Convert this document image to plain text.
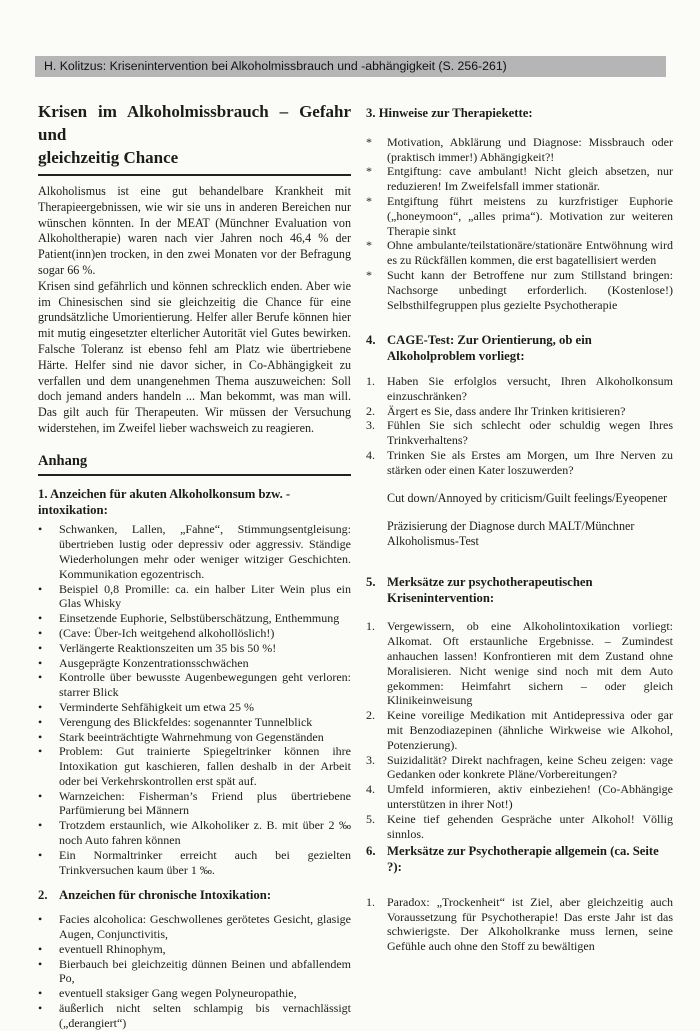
H. Kolitzus: Krisenintervention bei Alkoholmissbrauch und -abhängigkeit (S. 256-261)
Krisen im Alkoholmissbrauch – Gefahr und
gleichzeitig Chance

Alkoholismus ist eine gut behandelbare Krankheit mit Therapieergebnissen, wie wir sie uns in anderen Bereichen nur wünschen könnten. In der MEAT (Münchner Evaluation von Alkoholtherapie) waren nach vier Jahren noch 46,4 % der Patient(inn)en trocken, in den zwei Monaten vor der Befragung sogar 66 %.

Krisen sind gefährlich und können schrecklich enden. Aber wie im Chinesischen sind sie gleichzeitig die Chance für eine grundsätzliche Umorientierung. Helfer aller Berufe können hier mit mutig eingesetzter elterlicher Autorität viel Gutes bewirken. Falsche Toleranz ist ebenso fehl am Platz wie übertriebene Härte. Helfer sind nie davor sicher, in Co-Abhängigkeit zu verfallen und dem unangenehmen Thema auszuweichen: Soll doch jemand anders handeln ... Man bekommt, was man will. Das gilt auch für Therapeuten. Wir müssen der Versuchung widerstehen, im Zweifel lieber wachsweich zu reagieren.

Anhang
1. Anzeichen für akuten Alkoholkonsum bzw. -intoxikation:
•	Schwanken, Lallen, „Fahne“, Stimmungsentgleisung: übertrieben lustig oder depressiv oder aggressiv. Ständige Wiederholungen mehr oder weniger witziger Geschichten. Kommunikation egozentrisch.
•	Beispiel 0,8 Promille: ca. ein halber Liter Wein plus ein Glas Whisky
•	Einsetzende Euphorie, Selbstüberschätzung, Enthemmung
•	(Cave: Über-Ich weitgehend alkohollöslich!)
•	Verlängerte Reaktionszeiten um 35 bis 50 %!
•	Ausgeprägte Konzentrationsschwächen
•	Kontrolle über bewusste Augenbewegungen geht verloren: starrer Blick
•	Verminderte Sehfähigkeit um etwa 25 %
•	Verengung des Blickfeldes: sogenannter Tunnelblick
•	Stark beeinträchtigte Wahrnehmung von Gegenständen
•	Problem: Gut trainierte Spiegeltrinker können ihre Intoxikation gut kaschieren, fallen deshalb in der Arbeit oder bei Verkehrskontrollen erst spät auf.
•	Warnzeichen: Fisherman’s Friend plus übertriebene Parfümierung bei Männern
•	Trotzdem erstaunlich, wie Alkoholiker z. B. mit über 2 ‰ noch Auto fahren können
•	Ein Normaltrinker erreicht auch bei gezielten Trinkversuchen kaum über 1 ‰.
2. Anzeichen für chronische Intoxikation:
•	Facies alcoholica: Geschwollenes gerötetes Gesicht, glasige Augen, Conjunctivitis,
•	eventuell Rhinophym,
•	Bierbauch bei gleichzeitig dünnen Beinen und abfallendem Po,
•	eventuell staksiger Gang wegen Polyneuropathie,
•	äußerlich nicht selten schlampig bis vernachlässigt („derangiert“)
3. Hinweise zur Therapiekette:
*	Motivation, Abklärung und Diagnose: Missbrauch oder (praktisch immer!) Abhängigkeit?!
*	Entgiftung: cave ambulant! Nicht gleich absetzen, nur reduzieren! Im Zweifelsfall immer stationär.
*	Entgiftung führt meistens zu kurzfristiger Euphorie („honeymoon“, „alles prima“). Motivation zur weiteren Therapie sinkt
*	Ohne ambulante/teilstationäre/stationäre Entwöhnung wird es zu Rückfällen kommen, die erst bagatellisiert werden
*	Sucht kann der Betroffene nur zum Stillstand bringen: Nachsorge unbedingt erforderlich. (Kostenlose!) Selbsthilfegruppen plus gezielte Psychotherapie
4. CAGE-Test: Zur Orientierung, ob ein Alkoholproblem vorliegt:
1.	Haben Sie erfolglos versucht, Ihren Alkoholkonsum einzuschränken?
2.	Ärgert es Sie, dass andere Ihr Trinken kritisieren?
3.	Fühlen Sie sich schlecht oder schuldig wegen Ihres Trinkverhaltens?
4.	Trinken Sie als Erstes am Morgen, um Ihre Nerven zu stärken oder einen Kater loszuwerden?

Cut down/Annoyed by criticism/Guilt feelings/Eyeopener

Präzisierung der Diagnose durch MALT/Münchner Alkoholismus-Test

5. Merksätze zur psychotherapeutischen Krisenintervention:
1.	Vergewissern, ob eine Alkoholintoxikation vorliegt: Alkomat. Oft erstaunliche Ergebnisse. – Zumindest anhauchen lassen! Konfrontieren mit dem Zustand ohne Moralisieren. Nicht wenige sind noch mit dem Auto gekommen: Heimfahrt sichern – oder gleich Klinikeinweisung
2.	Keine voreilige Medikation mit Antidepressiva oder gar mit Benzodiazepinen (ähnliche Wirkweise wie Alkohol, Potenzierung).
3.	Suizidalität? Direkt nachfragen, keine Scheu zeigen: vage Gedanken oder konkrete Pläne/Vorbereitungen?
4.	Umfeld informieren, aktiv einbeziehen! (Co-Abhängige unterstützen in ihrer Not!)
5.	Keine tief gehenden Gespräche unter Alkohol! Völlig sinnlos.
6. Merksätze zur Psychotherapie allgemein (ca. Seite ?):
1.	Paradox: „Trockenheit“ ist Ziel, aber gleichzeitig auch Voraussetzung für Psychotherapie! Das erste Jahr ist das schwierigste. Der Alkoholkranke muss lernen, seine Gefühle auch ohne den Stoff zu bewältigen
